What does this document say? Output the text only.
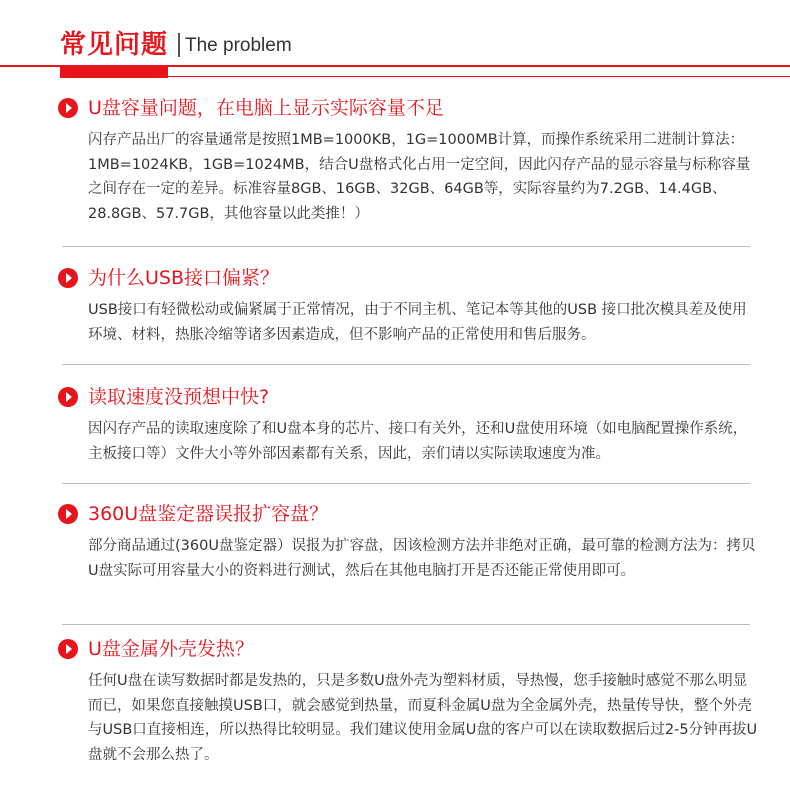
常见问题 The problem
U盘容量问题，在电脑上显示实际容量不足
闪存产品出厂的容量通常是按照1MB=1000KB，1G=1000MB计算，而操作系统采用二进制计算法：1MB=1024KB，1GB=1024MB，结合U盘格式化占用一定空间，因此闪存产品的显示容量与标称容量之间存在一定的差异。标准容量8GB、16GB、32GB、64GB等，实际容量约为7.2GB、14.4GB、28.8GB、57.7GB，其他容量以此类推！）
为什么USB接口偏紧？
USB接口有轻微松动或偏紧属于正常情况，由于不同主机、笔记本等其他的USB 接口批次模具差及使用环境、材料，热胀冷缩等诸多因素造成，但不影响产品的正常使用和售后服务。
读取速度没预想中快?
因闪存产品的读取速度除了和U盘本身的芯片、接口有关外，还和U盘使用环境（如电脑配置操作系统，主板接口等）文件大小等外部因素都有关系，因此，亲们请以实际读取速度为准。
360U盘鉴定器误报扩容盘？
部分商品通过(360U盘鉴定器）误报为扩容盘，因该检测方法并非绝对正确，最可靠的检测方法为：拷贝U盘实际可用容量大小的资料进行测试，然后在其他电脑打开是否还能正常使用即可。
U盘金属外壳发热？
任何U盘在读写数据时都是发热的，只是多数U盘外壳为塑料材质，导热慢，您手接触时感觉不那么明显而已，如果您直接触摸USB口，就会感觉到热量，而夏科金属U盘为全金属外壳，热量传导快，整个外壳与USB口直接相连，所以热得比较明显。我们建议使用金属U盘的客户可以在读取数据后过2-5分钟再拔U盘就不会那么热了。
